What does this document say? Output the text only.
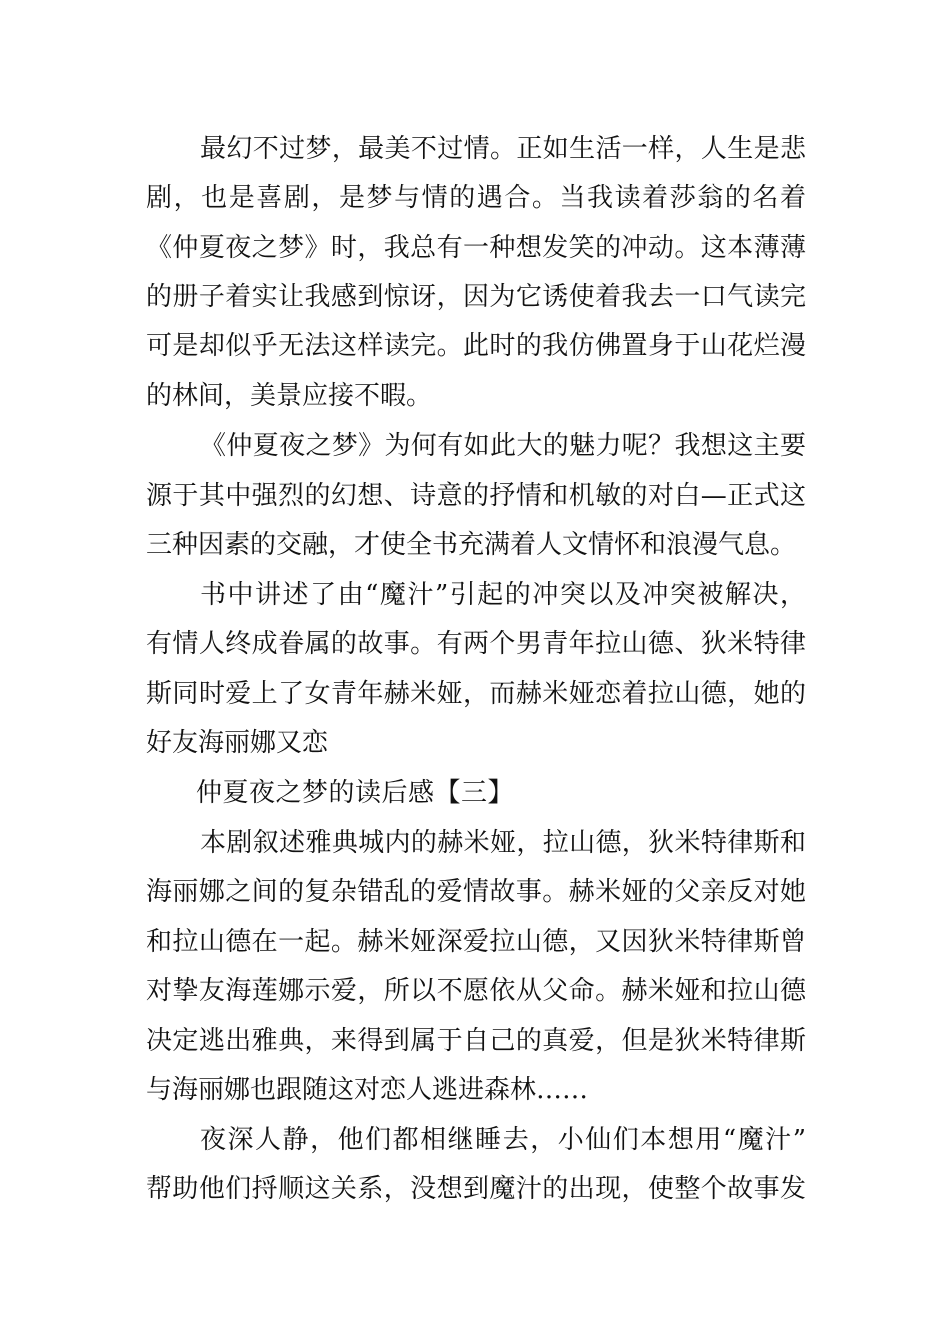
最幻不过梦，最美不过情。正如生活一样，人生是悲
剧，也是喜剧，是梦与情的遇合。当我读着莎翁的名着
《仲夏夜之梦》时，我总有一种想发笑的冲动。这本薄薄
的册子着实让我感到惊讶，因为它诱使着我去一口气读完
可是却似乎无法这样读完。此时的我仿佛置身于山花烂漫
的林间，美景应接不暇。
《仲夏夜之梦》为何有如此大的魅力呢？我想这主要
源于其中强烈的幻想、诗意的抒情和机敏的对白—正式这
三种因素的交融，才使全书充满着人文情怀和浪漫气息。
书中讲述了由“魔汁”引起的冲突以及冲突被解决，
有情人终成眷属的故事。有两个男青年拉山德、狄米特律
斯同时爱上了女青年赫米娅，而赫米娅恋着拉山德，她的
好友海丽娜又恋
仲夏夜之梦的读后感【三】
本剧叙述雅典城内的赫米娅，拉山德，狄米特律斯和
海丽娜之间的复杂错乱的爱情故事。赫米娅的父亲反对她
和拉山德在一起。赫米娅深爱拉山德，又因狄米特律斯曾
对挚友海莲娜示爱，所以不愿依从父命。赫米娅和拉山德
决定逃出雅典，来得到属于自己的真爱，但是狄米特律斯
与海丽娜也跟随这对恋人逃进森林……
夜深人静，他们都相继睡去，小仙们本想用“魔汁”
帮助他们捋顺这关系，没想到魔汁的出现，使整个故事发
